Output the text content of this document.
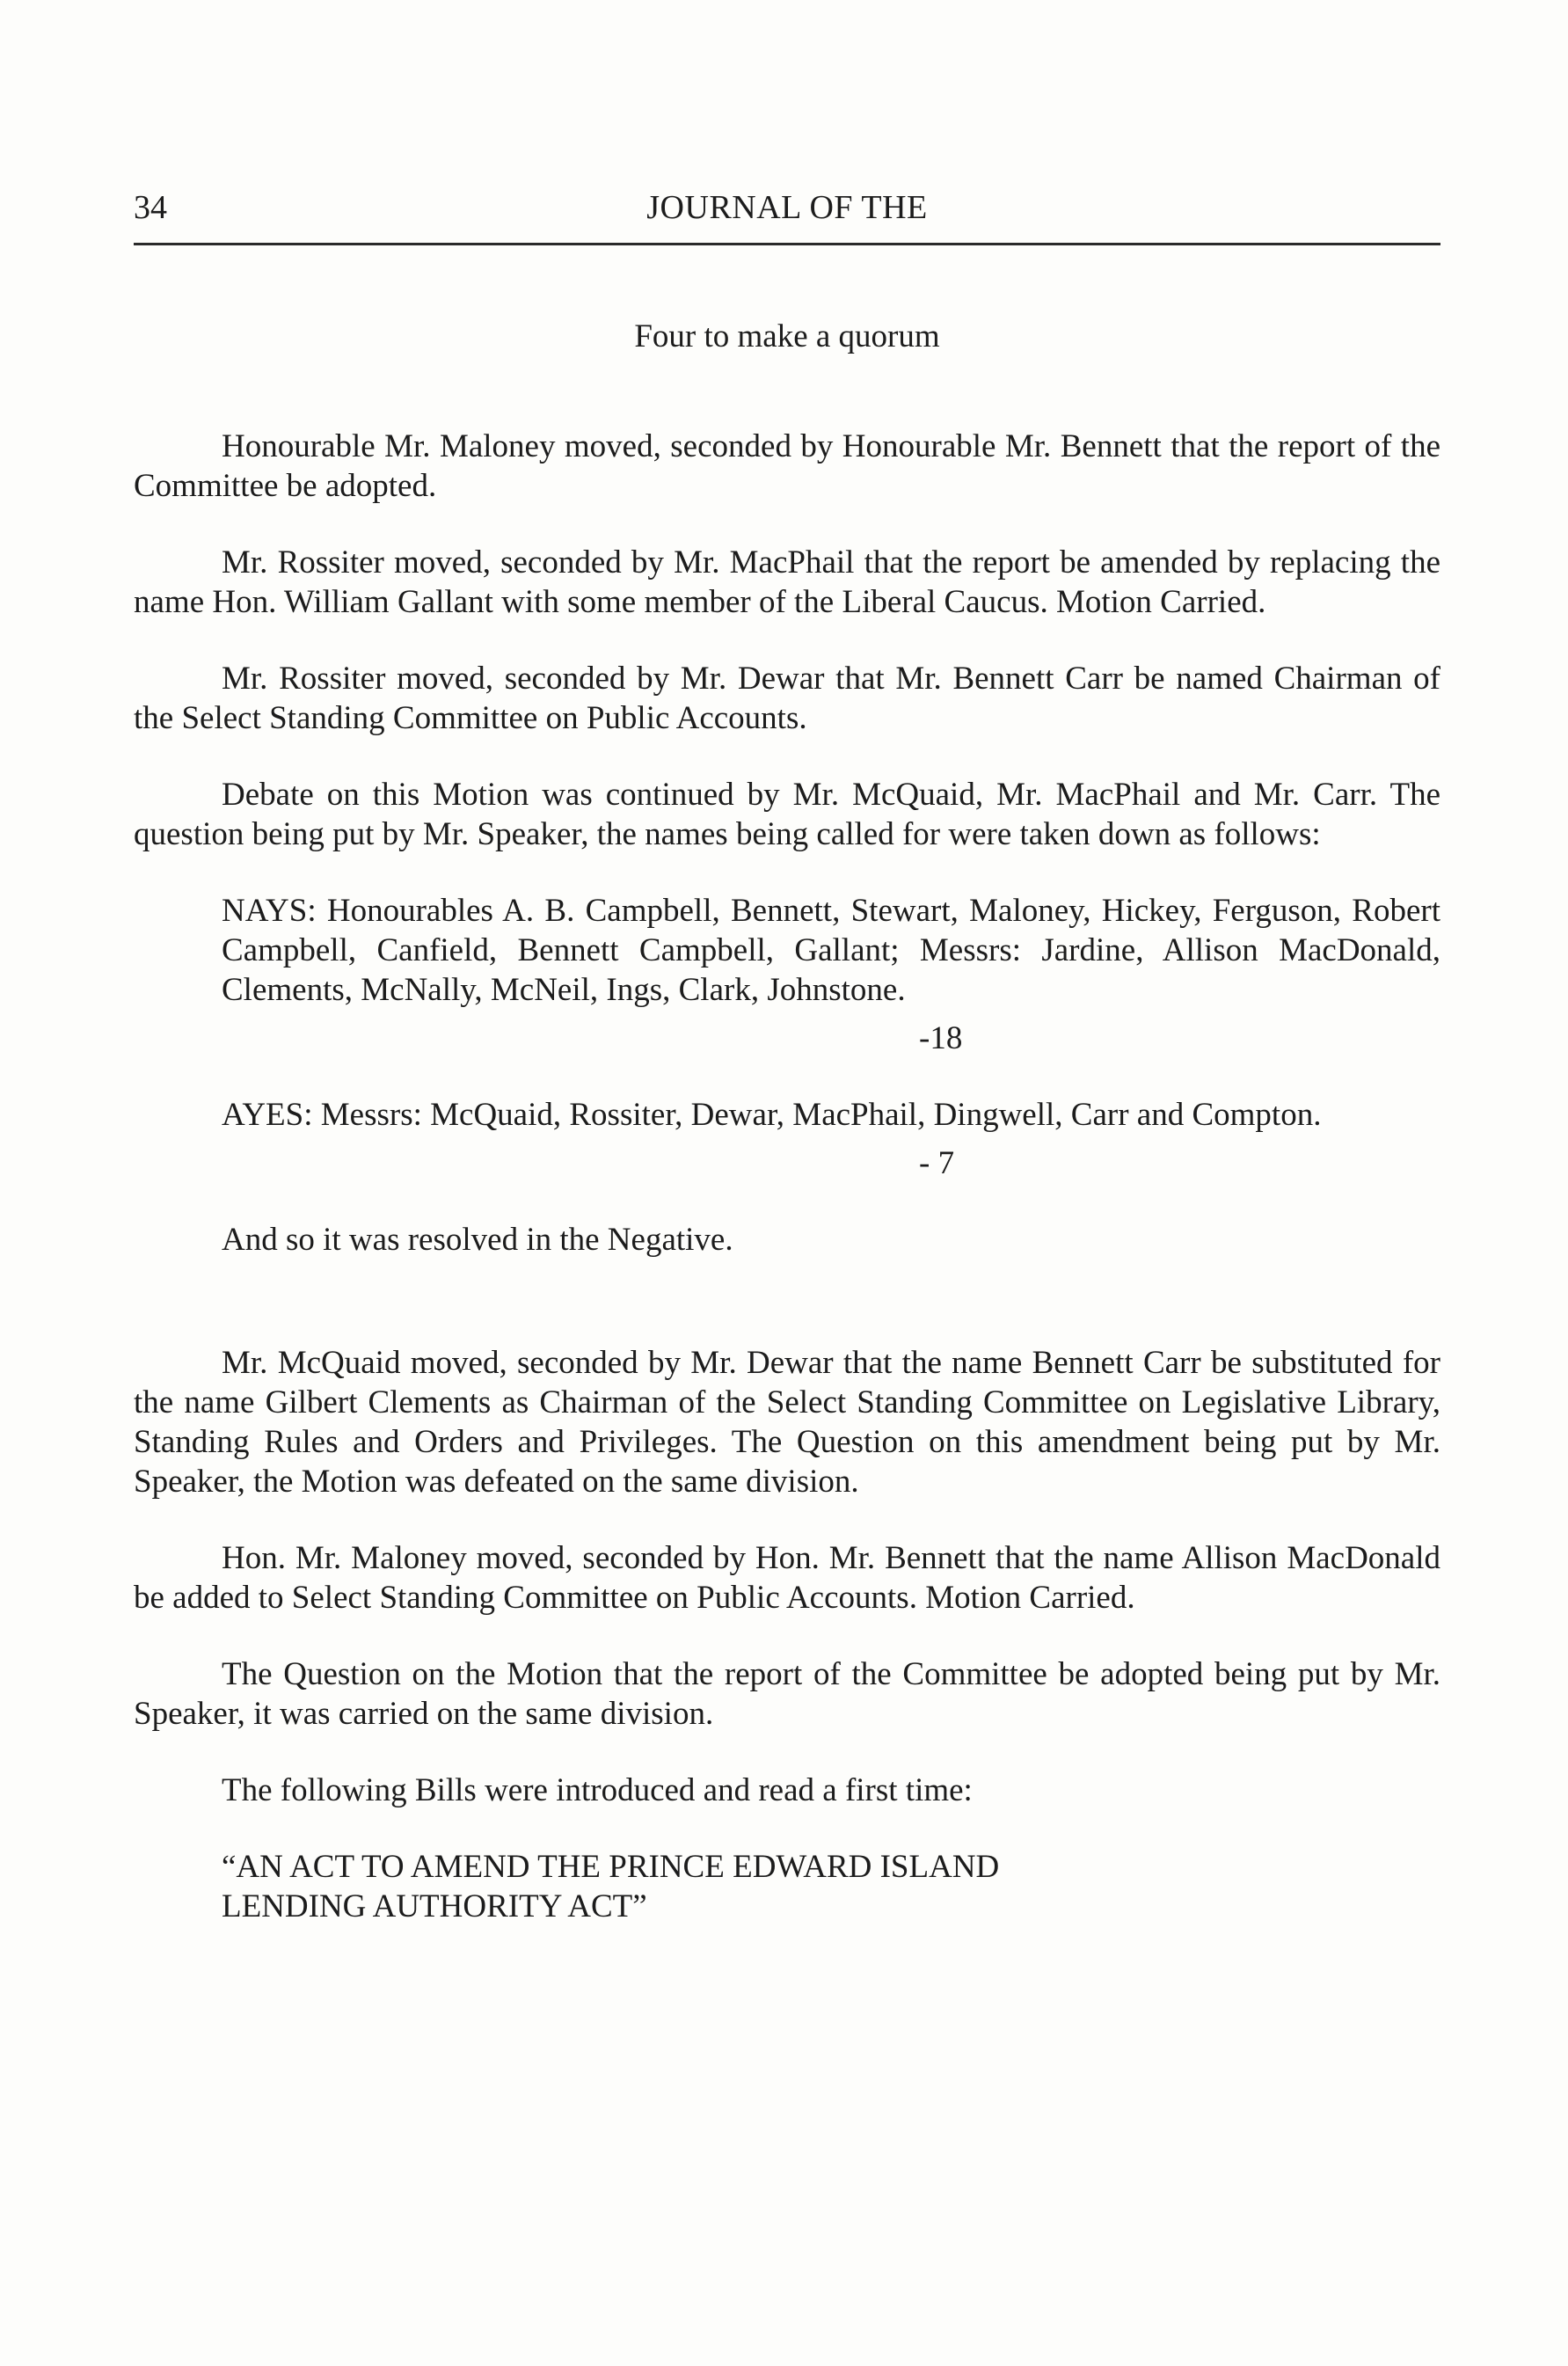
34	JOURNAL OF THE

Four to make a quorum

Honourable Mr. Maloney moved, seconded by Honourable Mr. Bennett that the report of the Committee be adopted.

Mr. Rossiter moved, seconded by Mr. MacPhail that the report be amended by replacing the name Hon. William Gallant with some member of the Liberal Caucus. Motion Carried.

Mr. Rossiter moved, seconded by Mr. Dewar that Mr. Bennett Carr be named Chairman of the Select Standing Committee on Public Accounts.

Debate on this Motion was continued by Mr. McQuaid, Mr. MacPhail and Mr. Carr. The question being put by Mr. Speaker, the names being called for were taken down as follows:

NAYS: Honourables A. B. Campbell, Bennett, Stewart, Maloney, Hickey, Ferguson, Robert Campbell, Canfield, Bennett Campbell, Gallant; Messrs: Jardine, Allison MacDonald, Clements, McNally, McNeil, Ings, Clark, Johnstone.

-18

AYES: Messrs: McQuaid, Rossiter, Dewar, MacPhail, Dingwell, Carr and Compton.

- 7

And so it was resolved in the Negative.

Mr. McQuaid moved, seconded by Mr. Dewar that the name Bennett Carr be substituted for the name Gilbert Clements as Chairman of the Select Standing Committee on Legislative Library, Standing Rules and Orders and Privileges. The Question on this amendment being put by Mr. Speaker, the Motion was defeated on the same division.

Hon. Mr. Maloney moved, seconded by Hon. Mr. Bennett that the name Allison MacDonald be added to Select Standing Committee on Public Accounts. Motion Carried.

The Question on the Motion that the report of the Committee be adopted being put by Mr. Speaker, it was carried on the same division.

The following Bills were introduced and read a first time:

“AN ACT TO AMEND THE PRINCE EDWARD ISLAND

LENDING AUTHORITY ACT”
